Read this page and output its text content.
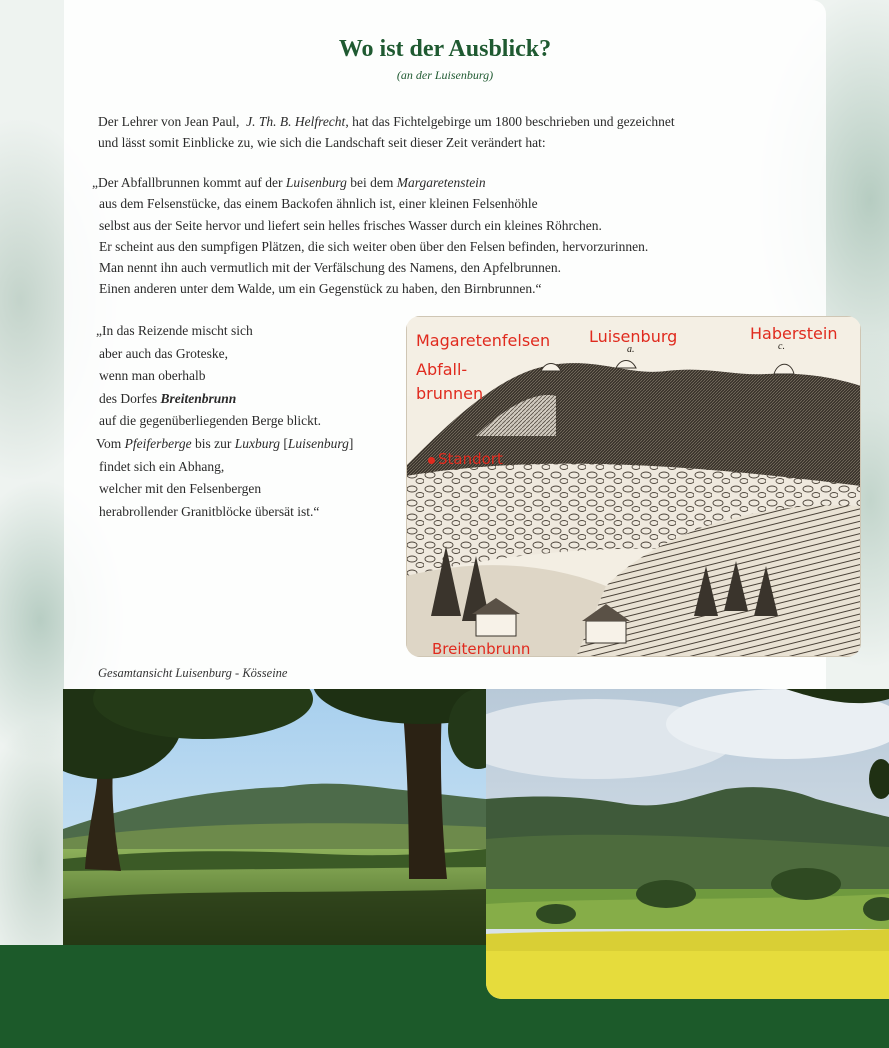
Wo ist der Ausblick?
(an der Luisenburg)
Der Lehrer von Jean Paul, J. Th. B. Helfrecht, hat das Fichtelgebirge um 1800 beschrieben und gezeichnet
und lässt somit Einblicke zu, wie sich die Landschaft seit dieser Zeit verändert hat:
„Der Abfallbrunnen kommt auf der Luisenburg bei dem Margaretenstein
aus dem Felsenstücke, das einem Backofen ähnlich ist, einer kleinen Felsenhöhle
selbst aus der Seite hervor und liefert sein helles frisches Wasser durch ein kleines Röhrchen.
Er scheint aus den sumpfigen Plätzen, die sich weiter oben über den Felsen befinden, hervorzurinnen.
Man nennt ihn auch vermutlich mit der Verfälschung des Namens, den Apfelbrunnen.
Einen anderen unter dem Walde, um ein Gegenstück zu haben, den Birnbrunnen.“
„In das Reizende mischt sich
aber auch das Groteske,
wenn man oberhalb
des Dorfes Breitenbrunn
auf die gegenüberliegenden Berge blickt.
Vom Pfeiferberge bis zur Luxburg [Luisenburg]
findet sich ein Abhang,
welcher mit den Felsenbergen
herabrollender Granitblöcke übersät ist.“
Magaretenfelsen Luisenburg	Haberstein
Abfall-
brunnen
Standort
Breitenbrunn
a.	c.
Gesamtansicht Luisenburg - Kösseine
